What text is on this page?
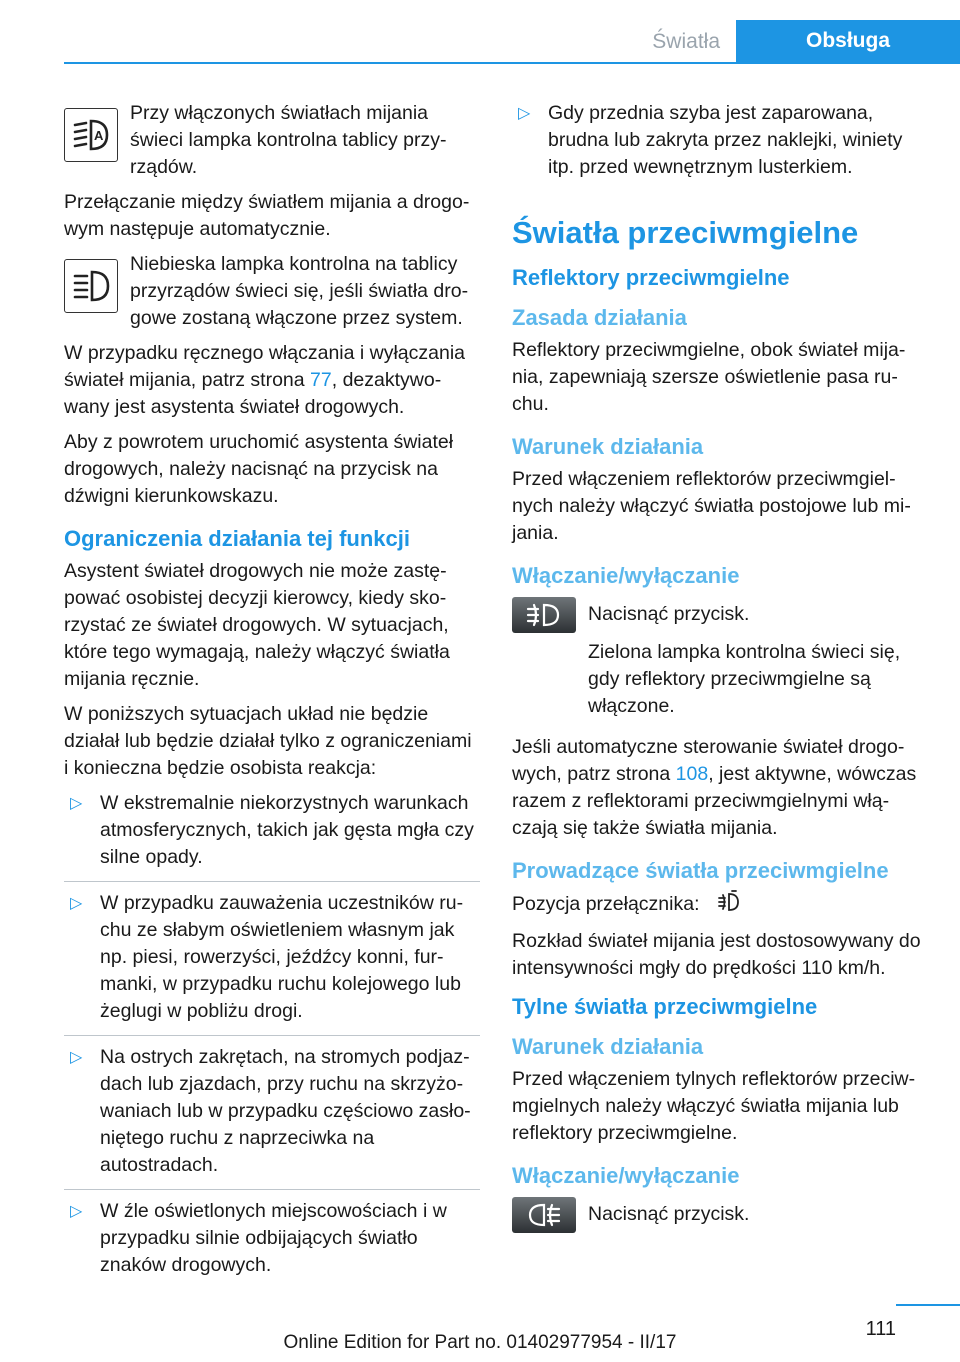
Światła	Obsługa
A

Przy włączonych światłach mijania świeci lampka kontrolna tablicy przy‐rządów.

Przełączanie między światłem mijania a drogo‐wym następuje automatycznie.

Niebieska lampka kontrolna na tablicy przyrządów świeci się, jeśli światła dro‐gowe zostaną włączone przez system.

W przypadku ręcznego włączania i wyłączania świateł mijania, patrz strona 77, dezaktywo‐wany jest asystenta świateł drogowych.

Aby z powrotem uruchomić asystenta świateł drogowych, należy nacisnąć na przycisk na dźwigni kierunkowskazu.

Ograniczenia działania tej funkcji

Asystent świateł drogowych nie może zastę‐pować osobistej decyzji kierowcy, kiedy sko‐rzystać ze świateł drogowych. W sytuacjach, które tego wymagają, należy włączyć światła mijania ręcznie.

W poniższych sytuacjach układ nie będzie działał lub będzie działał tylko z ograniczeniami i konieczna będzie osobista reakcja:

▷ W ekstremalnie niekorzystnych warunkach atmosferycznych, takich jak gęsta mgła czy silne opady.
▷ W przypadku zauważenia uczestników ru‐chu ze słabym oświetleniem własnym jak np. piesi, rowerzyści, jeźdźcy konni, fur‐manki, w przypadku ruchu kolejowego lub żeglugi w pobliżu drogi.
▷ Na ostrych zakrętach, na stromych podjaz‐dach lub zjazdach, przy ruchu na skrzyżo‐waniach lub w przypadku częściowo zasło‐niętego ruchu z naprzeciwka na autostradach.
▷ W źle oświetlonych miejscowościach i w przypadku silnie odbijających światło znaków drogowych.
▷ Gdy przednia szyba jest zaparowana, brudna lub zakryta przez naklejki, winiety itp. przed wewnętrznym lusterkiem.
Światła przeciwmgielne
Reflektory przeciwmgielne
Zasada działania

Reflektory przeciwmgielne, obok świateł mija‐nia, zapewniają szersze oświetlenie pasa ru‐chu.

Warunek działania

Przed włączeniem reflektorów przeciwmgiel‐nych należy włączyć światła postojowe lub mi‐jania.

Włączanie/wyłączanie

Nacisnąć przycisk.

Zielona lampka kontrolna świeci się, gdy reflektory przeciwmgielne są włączone.

Jeśli automatyczne sterowanie świateł drogo‐wych, patrz strona 108, jest aktywne, wówczas razem z reflektorami przeciwmgielnymi włą‐czają się także światła mijania.

Prowadzące światła przeciwmgielne

Pozycja przełącznika:

Rozkład świateł mijania jest dostosowywany do intensywności mgły do prędkości 110 km/h.

Tylne światła przeciwmgielne
Warunek działania

Przed włączeniem tylnych reflektorów przeciw‐mgielnych należy włączyć światła mijania lub reflektory przeciwmgielne.

Włączanie/wyłączanie

Nacisnąć przycisk.

111
Online Edition for Part no. 01402977954 - II/17
